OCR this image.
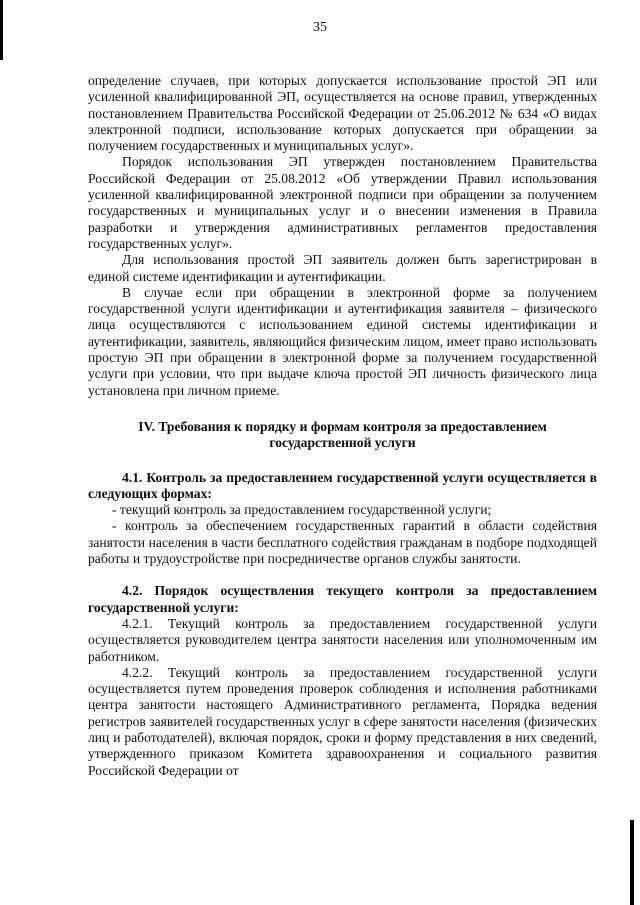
35

определение случаев, при которых допускается использование простой ЭП или усиленной квалифицированной ЭП, осуществляется на основе правил, утвержденных постановлением Правительства Российской Федерации от 25.06.2012 № 634 «О видах электронной подписи, использование которых допускается при обращении за получением государственных и муниципальных услуг».

Порядок использования ЭП утвержден постановлением Правительства Российской Федерации от 25.08.2012 «Об утверждении Правил использования усиленной квалифицированной электронной подписи при обращении за получением государственных и муниципальных услуг и о внесении изменения в Правила разработки и утверждения административных регламентов предоставления государственных услуг».

Для использования простой ЭП заявитель должен быть зарегистрирован в единой системе идентификации и аутентификации.

В случае если при обращении в электронной форме за получением государственной услуги идентификации и аутентификация заявителя – физического лица осуществляются с использованием единой системы идентификации и аутентификации, заявитель, являющийся физическим лицом, имеет право использовать простую ЭП при обращении в электронной форме за получением государственной услуги при условии, что при выдаче ключа простой ЭП личность физического лица установлена при личном приеме.

IV. Требования к порядку и формам контроля за предоставлением государственной услуги

4.1. Контроль за предоставлением государственной услуги осуществляется в следующих формах:

- текущий контроль за предоставлением государственной услуги;

- контроль за обеспечением государственных гарантий в области содействия занятости населения в части бесплатного содействия гражданам в подборе подходящей работы и трудоустройстве при посредничестве органов службы занятости.

4.2. Порядок осуществления текущего контроля за предоставлением государственной услуги:

4.2.1. Текущий контроль за предоставлением государственной услуги осуществляется руководителем центра занятости населения или уполномоченным им работником.

4.2.2. Текущий контроль за предоставлением государственной услуги осуществляется путем проведения проверок соблюдения и исполнения работниками центра занятости настоящего Административного регламента, Порядка ведения регистров заявителей государственных услуг в сфере занятости населения (физических лиц и работодателей), включая порядок, сроки и форму представления в них сведений, утвержденного приказом Комитета здравоохранения и социального развития Российской Федерации от
